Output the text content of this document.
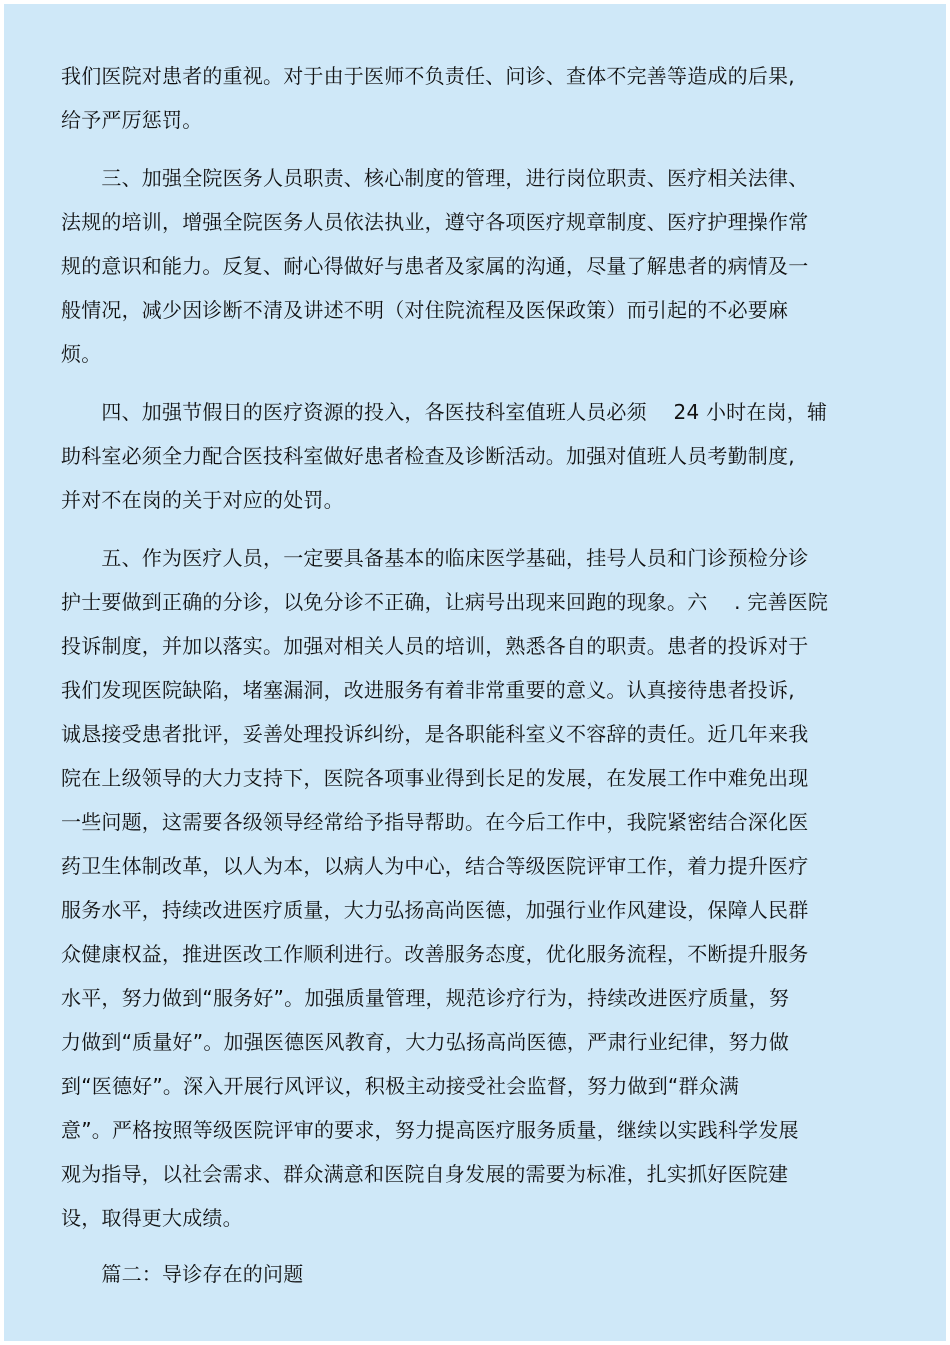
我们医院对患者的重视。对于由于医师不负责任、问诊、查体不完善等造成的后果,
给予严厉惩罚。
　　三、加强全院医务人员职责、核心制度的管理，进行岗位职责、医疗相关法律、
法规的培训，增强全院医务人员依法执业，遵守各项医疗规章制度、医疗护理操作常
规的意识和能力。反复、耐心得做好与患者及家属的沟通，尽量了解患者的病情及一
般情况，减少因诊断不清及讲述不明（对住院流程及医保政策）而引起的不必要麻
烦。
　　四、加强节假日的医疗资源的投入，各医技科室值班人员必须　 24 小时在岗，辅
助科室必须全力配合医技科室做好患者检查及诊断活动。加强对值班人员考勤制度,
并对不在岗的关于对应的处罚。
　　五、作为医疗人员，一定要具备基本的临床医学基础，挂号人员和门诊预检分诊
护士要做到正确的分诊，以免分诊不正确，让病号出现来回跑的现象。六　 . 完善医院
投诉制度，并加以落实。加强对相关人员的培训，熟悉各自的职责。患者的投诉对于
我们发现医院缺陷，堵塞漏洞，改进服务有着非常重要的意义。认真接待患者投诉,
诚恳接受患者批评，妥善处理投诉纠纷，是各职能科室义不容辞的责任。近几年来我
院在上级领导的大力支持下，医院各项事业得到长足的发展，在发展工作中难免出现
一些问题，这需要各级领导经常给予指导帮助。在今后工作中，我院紧密结合深化医
药卫生体制改革，以人为本，以病人为中心，结合等级医院评审工作，着力提升医疗
服务水平，持续改进医疗质量，大力弘扬高尚医德，加强行业作风建设，保障人民群
众健康权益，推进医改工作顺利进行。改善服务态度，优化服务流程，不断提升服务
水平，努力做到“服务好”。加强质量管理，规范诊疗行为，持续改进医疗质量，努
力做到“质量好”。加强医德医风教育，大力弘扬高尚医德，严肃行业纪律，努力做
到“医德好”。深入开展行风评议，积极主动接受社会监督，努力做到“群众满
意”。严格按照等级医院评审的要求，努力提高医疗服务质量，继续以实践科学发展
观为指导，以社会需求、群众满意和医院自身发展的需要为标准，扎实抓好医院建
设，取得更大成绩。
　　篇二：导诊存在的问题
